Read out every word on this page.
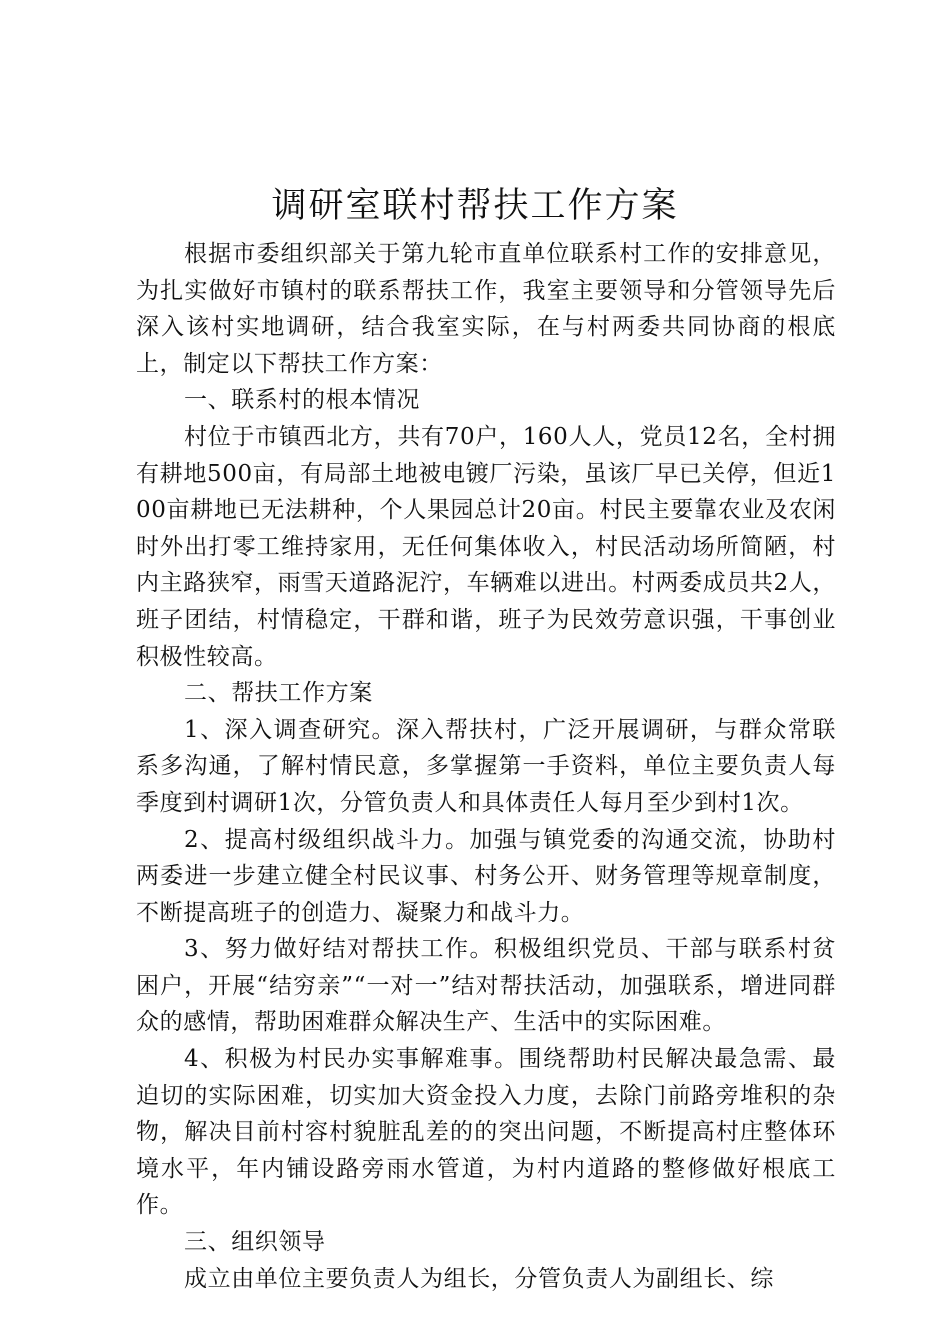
调研室联村帮扶工作方案

根据市委组织部关于第九轮市直单位联系村工作的安排意见，为扎实做好市镇村的联系帮扶工作，我室主要领导和分管领导先后深入该村实地调研，结合我室实际，在与村两委共同协商的根底上，制定以下帮扶工作方案：

一、联系村的根本情况

村位于市镇西北方，共有70户，160人人，党员12名，全村拥有耕地500亩，有局部土地被电镀厂污染，虽该厂早已关停，但近100亩耕地已无法耕种，个人果园总计20亩。村民主要靠农业及农闲时外出打零工维持家用，无任何集体收入，村民活动场所简陋，村内主路狭窄，雨雪天道路泥泞，车辆难以进出。村两委成员共2人，班子团结，村情稳定，干群和谐，班子为民效劳意识强，干事创业积极性较高。

二、帮扶工作方案

1、深入调查研究。深入帮扶村，广泛开展调研，与群众常联系多沟通，了解村情民意，多掌握第一手资料，单位主要负责人每季度到村调研1次，分管负责人和具体责任人每月至少到村1次。

2、提高村级组织战斗力。加强与镇党委的沟通交流，协助村两委进一步建立健全村民议事、村务公开、财务管理等规章制度，不断提高班子的创造力、凝聚力和战斗力。

3、努力做好结对帮扶工作。积极组织党员、干部与联系村贫困户，开展“结穷亲”“一对一”结对帮扶活动，加强联系，增进同群众的感情，帮助困难群众解决生产、生活中的实际困难。

4、积极为村民办实事解难事。围绕帮助村民解决最急需、最迫切的实际困难，切实加大资金投入力度，去除门前路旁堆积的杂物，解决目前村容村貌脏乱差的的突出问题，不断提高村庄整体环境水平，年内铺设路旁雨水管道，为村内道路的整修做好根底工作。

三、组织领导

成立由单位主要负责人为组长，分管负责人为副组长、综
